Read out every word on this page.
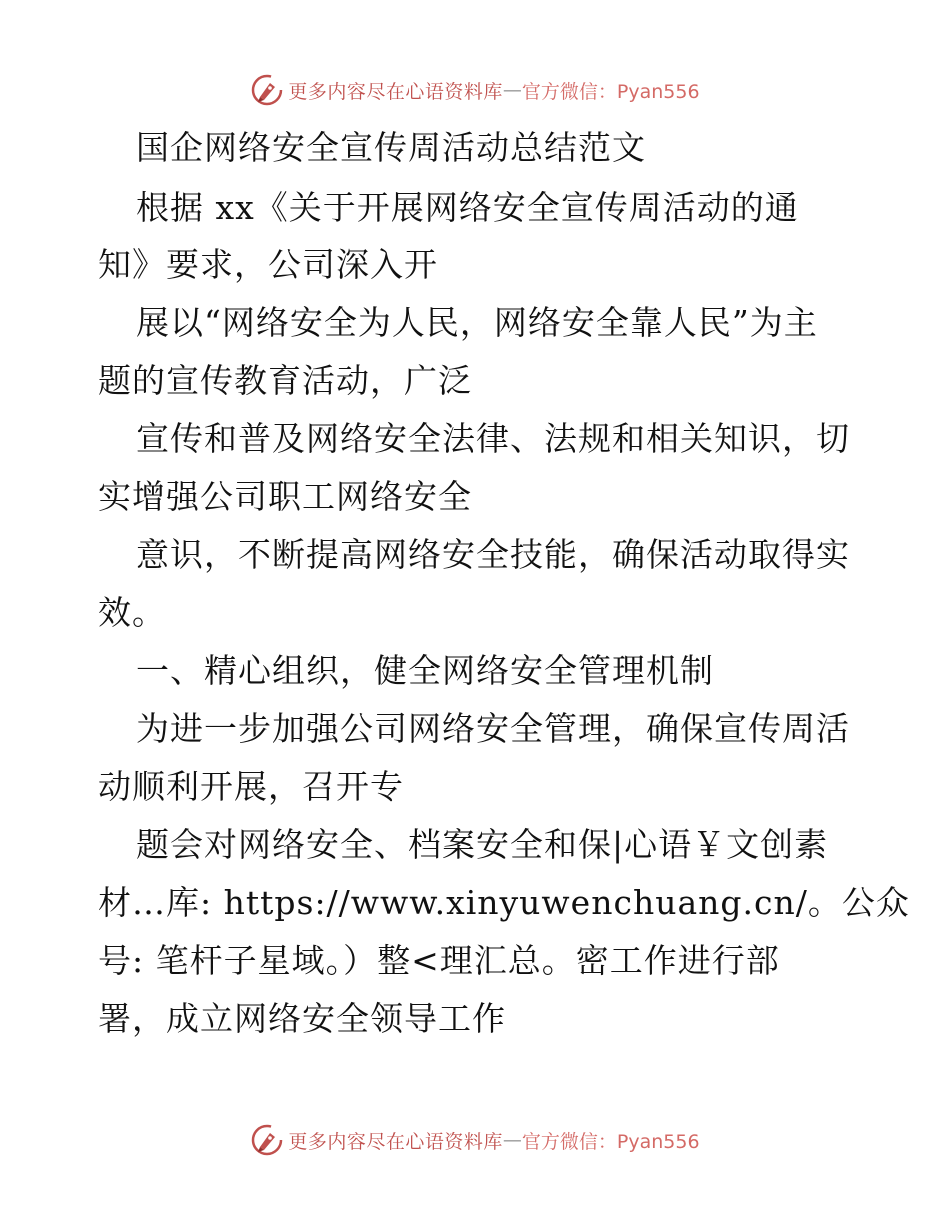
更多内容尽在心语资料库 — 官方微信：Pyan556
国企网络安全宣传周活动总结范文
根据 xx《关于开展网络安全宣传周活动的通
知》要求，公司深入开
展以“网络安全为人民，网络安全靠人民”为主
题的宣传教育活动，广泛
宣传和普及网络安全法律、法规和相关知识，切
实增强公司职工网络安全
意识，不断提高网络安全技能，确保活动取得实
效。
一、精心组织，健全网络安全管理机制
为进一步加强公司网络安全管理，确保宣传周活
动顺利开展，召开专
题会对网络安全、档案安全和保|心语￥文创素
材…库: https://www.xinyuwenchuang.cn/。公众
号: 笔杆子星域。）整<理汇总。密工作进行部
署，成立网络安全领导工作
更多内容尽在心语资料库 — 官方微信：Pyan556
